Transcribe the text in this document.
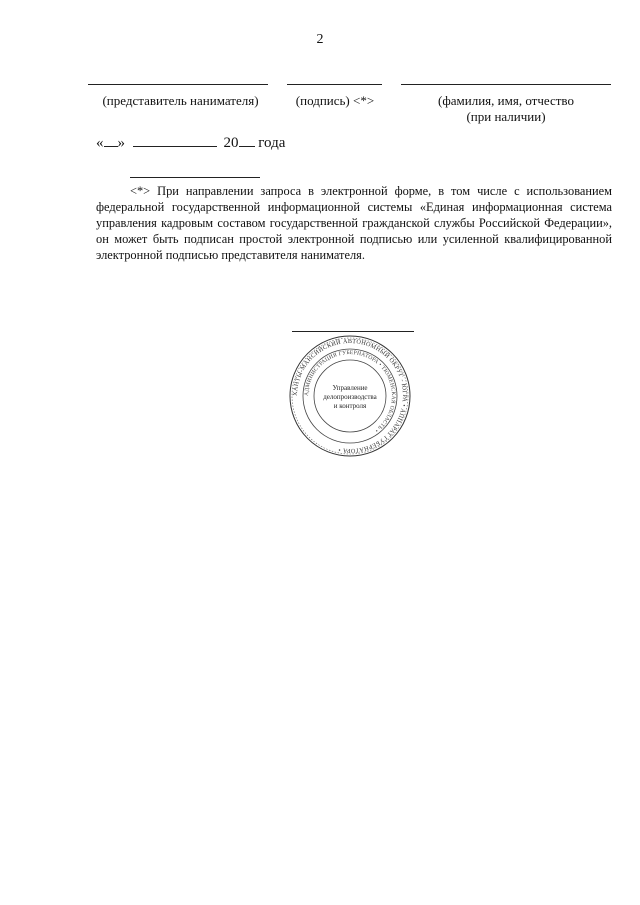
2
(представитель нанимателя)	(подпись) <*>	(фамилия, имя, отчество
(при наличии)
« »	20 года
<*> При направлении запроса в электронной форме, в том числе с использованием федеральной государственной информационной системы «Единая информационная система управления кадровым составом государственной гражданской службы Российской Федерации», он может быть подписан простой электронной подписью или усиленной квалифицированной электронной подписью представителя нанимателя.
ХАНТЫ-МАНСИЙСКИЙ АВТОНОМНЫЙ ОКРУГ - ЮГРА • АППАРАТ ГУБЕРНАТОРА •
АДМИНИСТРАЦИЯ ГУБЕРНАТОРА • ТЮМЕНСКАЯ ОБЛАСТЬ •
Управление
делопроизводства
и контроля
